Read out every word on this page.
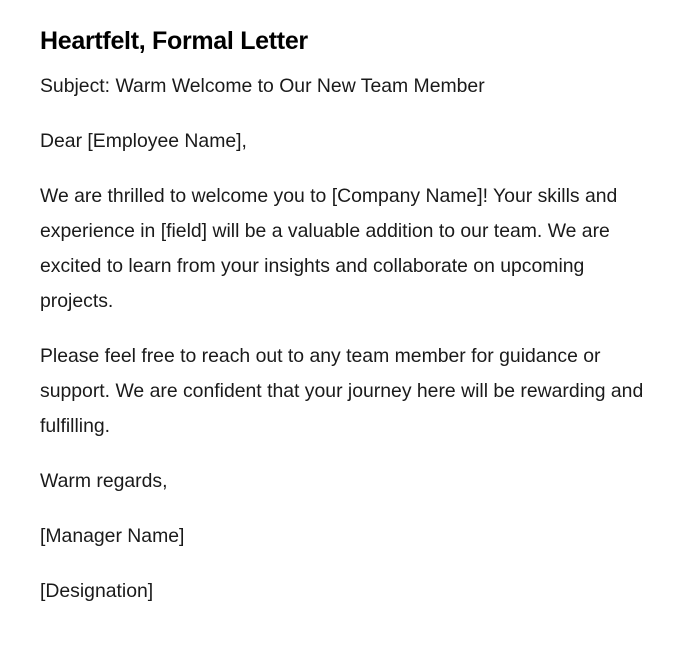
Heartfelt, Formal Letter

Subject: Warm Welcome to Our New Team Member

Dear [Employee Name],

We are thrilled to welcome you to [Company Name]! Your skills and experience in [field] will be a valuable addition to our team. We are excited to learn from your insights and collaborate on upcoming projects.

Please feel free to reach out to any team member for guidance or support. We are confident that your journey here will be rewarding and fulfilling.

Warm regards,

[Manager Name]

[Designation]
